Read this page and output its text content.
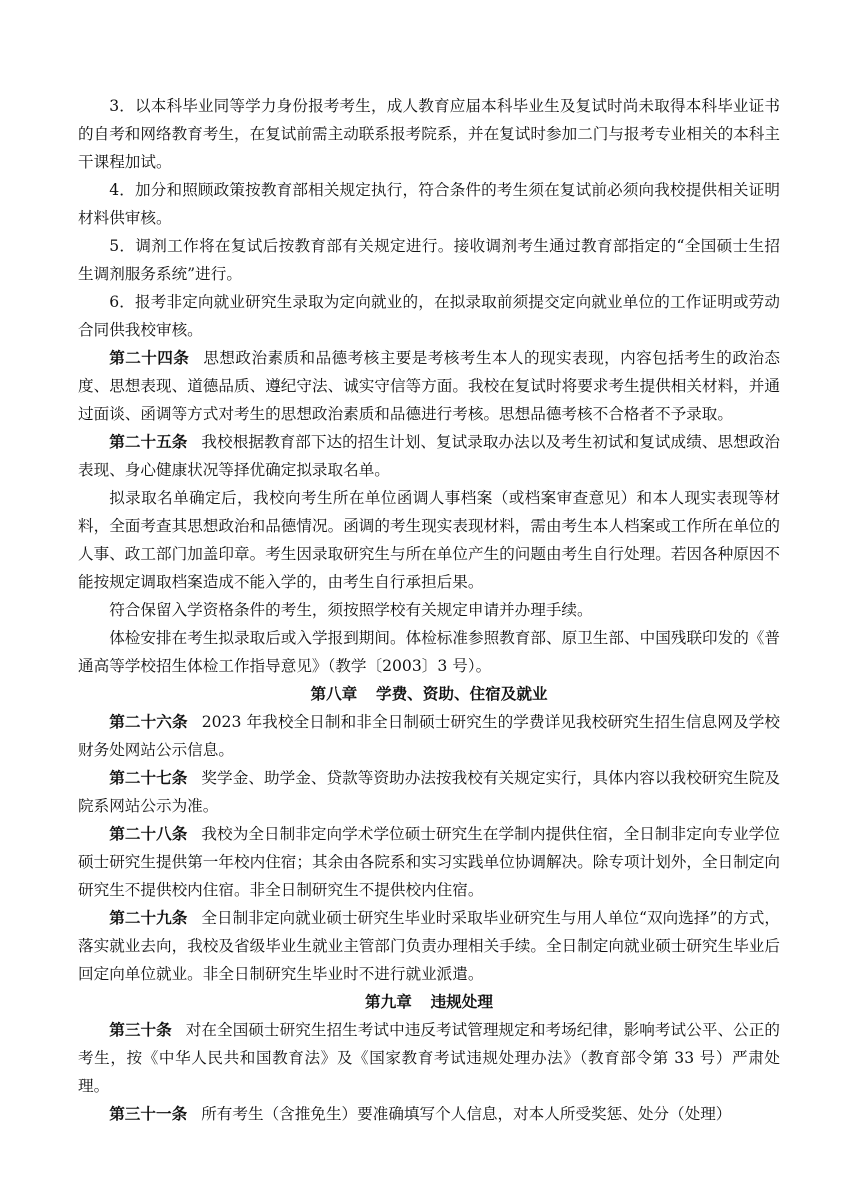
3．以本科毕业同等学力身份报考考生，成人教育应届本科毕业生及复试时尚未取得本科毕业证书的自考和网络教育考生，在复试前需主动联系报考院系，并在复试时参加二门与报考专业相关的本科主干课程加试。

4．加分和照顾政策按教育部相关规定执行，符合条件的考生须在复试前必须向我校提供相关证明材料供审核。

5．调剂工作将在复试后按教育部有关规定进行。接收调剂考生通过教育部指定的“全国硕士生招生调剂服务系统”进行。

6．报考非定向就业研究生录取为定向就业的，在拟录取前须提交定向就业单位的工作证明或劳动合同供我校审核。

第二十四条 思想政治素质和品德考核主要是考核考生本人的现实表现，内容包括考生的政治态度、思想表现、道德品质、遵纪守法、诚实守信等方面。我校在复试时将要求考生提供相关材料，并通过面谈、函调等方式对考生的思想政治素质和品德进行考核。思想品德考核不合格者不予录取。

第二十五条 我校根据教育部下达的招生计划、复试录取办法以及考生初试和复试成绩、思想政治表现、身心健康状况等择优确定拟录取名单。

拟录取名单确定后，我校向考生所在单位函调人事档案（或档案审查意见）和本人现实表现等材料，全面考查其思想政治和品德情况。函调的考生现实表现材料，需由考生本人档案或工作所在单位的人事、政工部门加盖印章。考生因录取研究生与所在单位产生的问题由考生自行处理。若因各种原因不能按规定调取档案造成不能入学的，由考生自行承担后果。

符合保留入学资格条件的考生，须按照学校有关规定申请并办理手续。

体检安排在考生拟录取后或入学报到期间。体检标准参照教育部、原卫生部、中国残联印发的《普通高等学校招生体检工作指导意见》（教学〔2003〕3 号）。

第八章 学费、资助、住宿及就业

第二十六条 2023 年我校全日制和非全日制硕士研究生的学费详见我校研究生招生信息网及学校财务处网站公示信息。

第二十七条 奖学金、助学金、贷款等资助办法按我校有关规定实行，具体内容以我校研究生院及院系网站公示为准。

第二十八条 我校为全日制非定向学术学位硕士研究生在学制内提供住宿，全日制非定向专业学位硕士研究生提供第一年校内住宿；其余由各院系和实习实践单位协调解决。除专项计划外，全日制定向研究生不提供校内住宿。非全日制研究生不提供校内住宿。

第二十九条 全日制非定向就业硕士研究生毕业时采取毕业研究生与用人单位“双向选择”的方式，落实就业去向，我校及省级毕业生就业主管部门负责办理相关手续。全日制定向就业硕士研究生毕业后回定向单位就业。非全日制研究生毕业时不进行就业派遣。

第九章 违规处理

第三十条 对在全国硕士研究生招生考试中违反考试管理规定和考场纪律，影响考试公平、公正的考生，按《中华人民共和国教育法》及《国家教育考试违规处理办法》（教育部令第 33 号）严肃处理。

第三十一条 所有考生（含推免生）要准确填写个人信息，对本人所受奖惩、处分（处理）
